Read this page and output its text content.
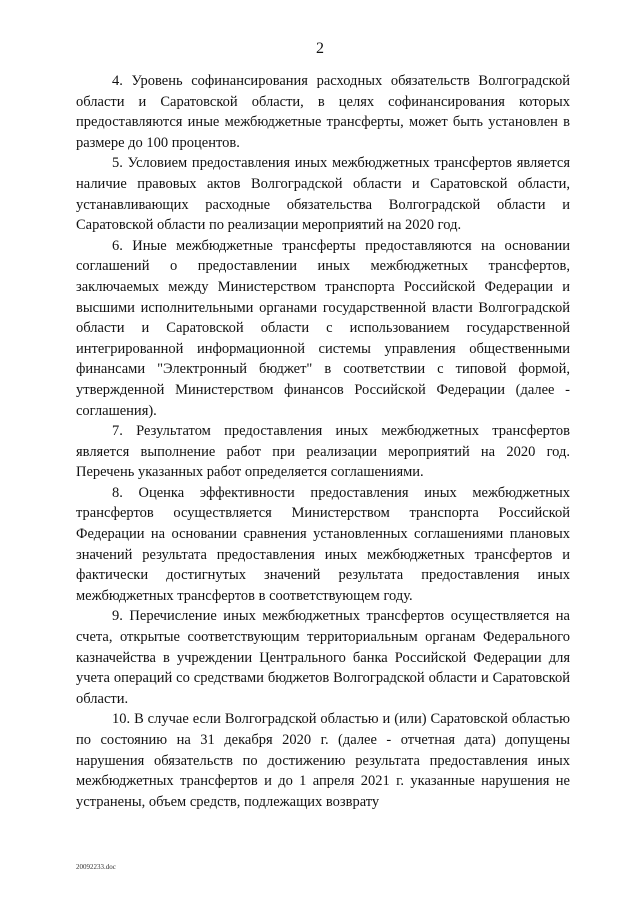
2

4. Уровень софинансирования расходных обязательств Волгоградской области и Саратовской области, в целях софинансирования которых предоставляются иные межбюджетные трансферты, может быть установлен в размере до 100 процентов.

5. Условием предоставления иных межбюджетных трансфертов является наличие правовых актов Волгоградской области и Саратовской области, устанавливающих расходные обязательства Волгоградской области и Саратовской области по реализации мероприятий на 2020 год.

6. Иные межбюджетные трансферты предоставляются на основании соглашений о предоставлении иных межбюджетных трансфертов, заключаемых между Министерством транспорта Российской Федерации и высшими исполнительными органами государственной власти Волгоградской области и Саратовской области с использованием государственной интегрированной информационной системы управления общественными финансами "Электронный бюджет" в соответствии с типовой формой, утвержденной Министерством финансов Российской Федерации (далее - соглашения).

7. Результатом предоставления иных межбюджетных трансфертов является выполнение работ при реализации мероприятий на 2020 год. Перечень указанных работ определяется соглашениями.

8. Оценка эффективности предоставления иных межбюджетных трансфертов осуществляется Министерством транспорта Российской Федерации на основании сравнения установленных соглашениями плановых значений результата предоставления иных межбюджетных трансфертов и фактически достигнутых значений результата предоставления иных межбюджетных трансфертов в соответствующем году.

9. Перечисление иных межбюджетных трансфертов осуществляется на счета, открытые соответствующим территориальным органам Федерального казначейства в учреждении Центрального банка Российской Федерации для учета операций со средствами бюджетов Волгоградской области и Саратовской области.

10. В случае если Волгоградской областью и (или) Саратовской областью по состоянию на 31 декабря 2020 г. (далее - отчетная дата) допущены нарушения обязательств по достижению результата предоставления иных межбюджетных трансфертов и до 1 апреля 2021 г. указанные нарушения не устранены, объем средств, подлежащих возврату

20092233.doc
